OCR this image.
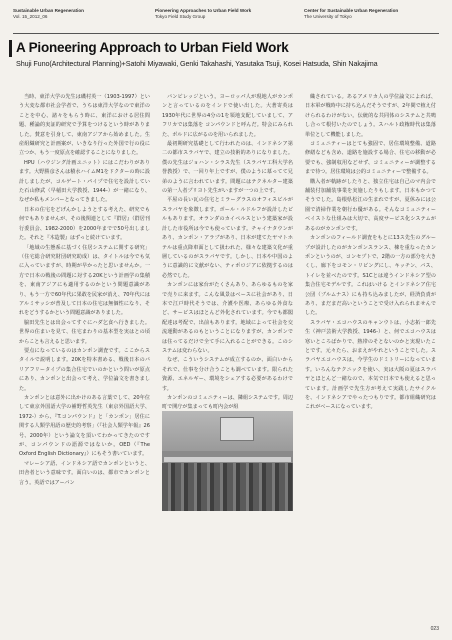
Sustainable Urban Regeneration
Vol. 15_2012_06
Pioneering Approaches to Urban Field Work
Tokyo Field Study Group
Center for Sustainable Urban Regeneration
The University of Tokyo
A Pioneering Approach to Urban Field Work
Shuji Funo(Architectural Planning)+Satohi Miyawaki, Genki Takahashi, Yasutaka Tsuji, Kosei Hatsuda, Shin Nakajima

当時、東洋大学の先生は磯村英一（1903-1997）という大変な都市社会学者で、うちは東洋大学なので東洋のことを中心、諸々をもらう時に、東洋における居住問題、種論的実証的研究で予算をつけるという時がありました。賛意を引身して、東南アジアから始めました。生産組織研究と計画案が、いきなり行った外国で行の役に立つか、もう一度原点を確認することになりました。

HPU（ハウジング計画ユニット）にはこだわりがあります。大野勝彦さんは積水ハイムM1をドクターの時に設計しましたが、コルゲート・パイプで住宅を設計していた石山修武（早稲田大学教授、1944-）が一緒になり、なぜか私もメンバーとなってきました。

日本の住宅をどげんかしようとする考えた、研究でも何でもありませんが、その後関連として『群居』（群居刊行委員会、1982-2000）を2000年までで50号出しました。それと『木造製』はずっと続けています。

「地域の生態系に基づく住居システムに関する研究」（住宅総合研究財団研究助成）は、タイトルは今でも気に入っていますが、時期が早かったと思いませんか。一方で日本の戦後の問題に対する20Kという計画学の集積を、東南アジアにも適用するのかという問題意識があり、もう一方で60年代に果敢を民家が消え、70年代にはアルミサッシが普及して日本の住宅は無個性になり、それをどうするかという問題意識がありました。

脇田先生とは出会ってすぐにハダ乞食へ行きました。世界の住まいを見て、住宅まわりの基本型を実はとの頃からことも言えると思います。

要点になっているのはカンポン調査です。ここからスタイルで説明します。20Kを特本書める、戦後日本のバリアフリータイプの集合住宅でいのかという問いが原点にあり、カンポンと出会って考え、学位論文を書きました。

カンポンとは意外に出かけのある言葉でして、20年位して東京外国語大学の補野哲英先生（東京外国語大学、1972-）から、『T.コンパウンド』と「カンポン」居住に関する人類学用語の歴史的考察」（『社会人類学年報』26号、2000年）という論文を頂いてわかってきたのですが、コンパウンドの語源ではないか。OED（『The Oxford English Dictionary』）にもそう書いています。

マレーシア語、インドネシア語でカンポンというと、田舎者という意味です。面白いのは、都市でカンポンと言う。英語ではアーバン

バンビレッジという。ヨーロッパ人が現地人がカンポンと言っているのをインドで使い出した。大著寄英は1930年代に世界の4分の1を領地支配していまして、アフリカでは集落を コンパウンドと呼んだ。特会にみられた、ボルドに広がるのを用いられました。

最初期研究基礎として行われたのは、インドネシア第二の都市スラバヤで、建立の技術的ありになりました。僕の先生はジョハン・シラス先生（スラバヤ工科大学名誉教授）で、一回り年上ですが、僕のように慕ってて兄弟のように言われています。問題にはテクネルター建築の第一人者プリヨト先生がいますが一つの上です。

平屋の長い瓦の住宅とミラーグラスのオフィスビルがスラバヤを象徴します。ボール・ルドルフが設計したビルもあります。オランダのカイペルスという建築家が設計した市役所は今でも使っています。チャイナタウンがあり、カンポン・アラブがあり、日本が建てたヤマトホテルは重点降車面として扱われた、様々な建築文化が重層しているのがスラバヤです。しかし、日本や中国のように意識的に文献がない、ティポロジアに依拠するのは必然でした。

カンポンには家台がたくさんあり、あらゆるものを家で売りに来ます。こんな風景はベースに社会があり、日本で江戸時代そうでは、介護や医療、あらゆる外食など、サービスはほとんど外化されています。今でも都閣配達は考配で、出前もあります。地域によって社会を交流運動があるのもということになりますが、カンポンでは住ってるだけで全て手に入れることができる。このシステムは変わらない。

なぜ、こういうシステムが成立するのか、面白いからそれで、仕事を分け合うことも調べています。限られた資源、エネルギー、環境をシェアする必要があるわけです。

カンポンのコミュニティーは、隣組システムです。周辺町で開庁が集まっても町内会が組

織されている。あるアメリカ人の学位論文によれば、日本軍が戦時中に持ち込んだそうですが、2年間で植え付けられるわけがない。伝統的な共同体のシステムと共鳴し合って根付いたのでしょう。スハルト政権時代は集落単位として機能しました。

コミュニティーはとても強固で、居住環境整備、道路修繕なども含め、道路を施設する場合、住宅の移動が必要でも、強制収用などせず、コミュニティーが調整するまで待つ。居住環境は公的コミュニティーで整備する。

購入者が軌跡がしたりと、独立住宅は自己のマ内会で舗装付加舗装事業を実施したりもします。日本もかつてそうでした。島根県松江の生まれですが、夏休みには公園で清掃作業を朝行わ優がある。そんなコミュニティーベイストな仕組みは大切で、高度サービス化システムがあるのがカンポンです。

カンポンのフィールド調査をもとに13ス先生のグループが設計したのがカンポンスランス、棟を重なったカンポンというのが、コンセプトで、2階の一方の部分を大きくし、廊下をコモン・リビングにし、キッチン、バス、トイレを並べたのです。S1Cとは違うインドネシア型の集合住宅モデルです。これはいける とインドネシア住宅公団（ブルムナス）にも持ち込みましたが、経済負責があり、まだまだ高いということで受け入れられませんでした。

スラバヤ・エコハウスのキャンウトは、小志拓一郎先生（神戸芸術大学教授、1946-）と、何でエコハウスは寒いところばかりで、熱帯のそとないのかと実現いたことです。元々たら、おまえがやれということでした。スラバヤエコハウスは、今学生のドミトリーになっています。いろんなテクニックを使い、実は大阪の夏はスラバヤとほとんど一緒なので、本気で日本でも使えると思っています。計画学で先生方が考えて実践したサイクルを、インドネシアでやったつもりです。都市組織研究はこれがベースになっています。

023
